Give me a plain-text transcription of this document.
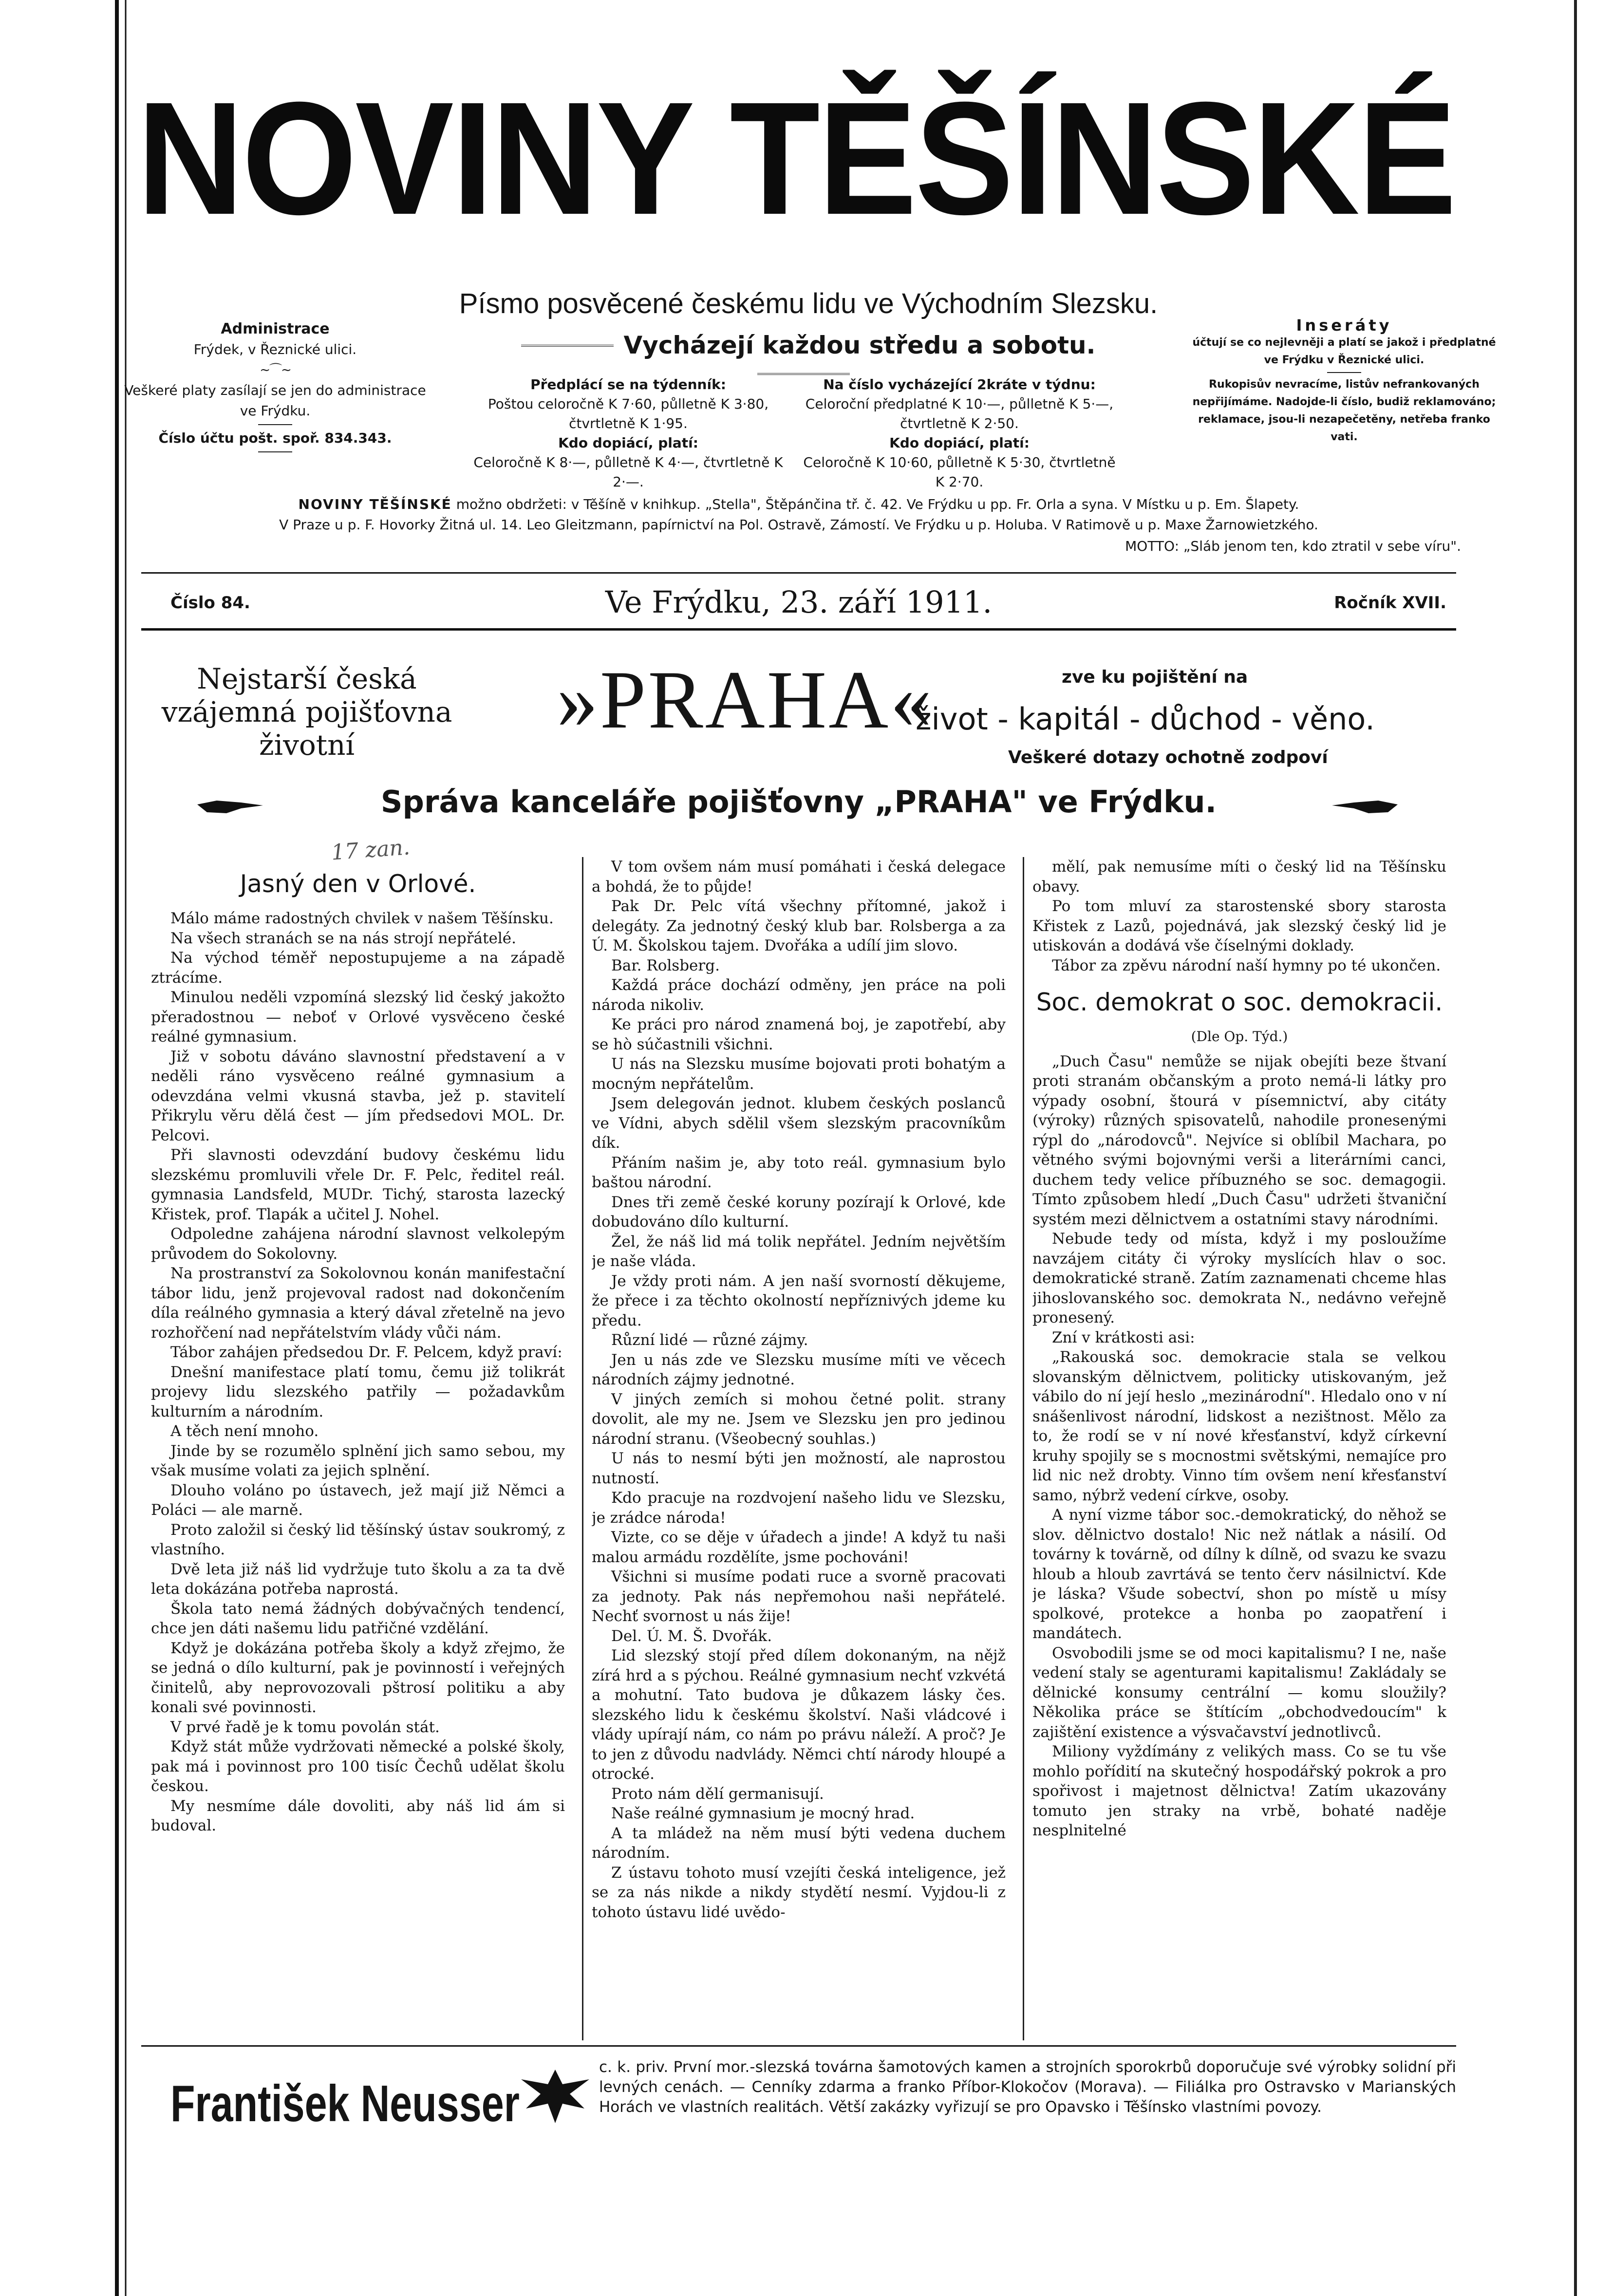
NOVINY TĚŠÍNSKÉ
Písmo posvěcené českému lidu ve Východním Slezsku.
Vycházejí každou středu a sobotu.
Administrace
Frýdek, v Řeznické ulici.
~⌒~
Veškeré platy zasílají se jen do administrace ve Frýdku.
Číslo účtu pošt. spoř. 834.343.
Předplácí se na týdenník:
Poštou celoročně K 7·60, půlletně K 3·80, čtvrtletně K 1·95.
Kdo dopiácí, platí:
Celoročně K 8·—, půlletně K 4·—, čtvrtletně K 2·—.
Na číslo vycházející 2kráte v týdnu:
Celoroční předplatné K 10·—, půlletně K 5·—, čtvrtletně K 2·50.
Kdo dopiácí, platí:
Celoročně K 10·60, půlletně K 5·30, čtvrtletně K 2·70.
Inseráty
účtují se co nejlevněji a platí se jakož i předplatné ve Frýdku v Řeznické ulici.
Rukopisův nevracíme, listův nefrankovaných nepřijímáme. Nadojde-li číslo, budiž reklamováno; reklamace, jsou-li nezapečetěny, netřeba franko vati.
NOVINY TĚŠÍNSKÉ možno obdržeti: v Těšíně v knihkup. „Stella", Štěpánčina tř. č. 42. Ve Frýdku u pp. Fr. Orla a syna. V Místku u p. Em. Šlapety.
V Praze u p. F. Hovorky Žitná ul. 14. Leo Gleitzmann, papírnictví na Pol. Ostravě, Zámostí. Ve Frýdku u p. Holuba. V Ratimově u p. Maxe Žarnowietzkého.
MOTTO: „Sláb jenom ten, kdo ztratil v sebe víru".
Číslo 84.	Ve Frýdku, 23. září 1911.	Ročník XVII.
Nejstarší česká vzájemná pojišťovna životní	»PRAHA«	zve ku pojištění na
život - kapitál - důchod - věno.
Veškeré dotazy ochotně zodpoví
Správa kanceláře pojišťovny „PRAHA" ve Frýdku.
17 zan.
Jasný den v Orlové.

Málo máme radostných chvilek v našem Těšínsku.

Na všech stranách se na nás strojí nepřátelé.

Na východ téměř nepostupujeme a na západě ztrácíme.

Minulou neděli vzpomíná slezský lid český jakožto přeradostnou — neboť v Orlové vysvěceno české reálné gymnasium.

Již v sobotu dáváno slavnostní představení a v neděli ráno vysvěceno reálné gymnasium a odevzdána velmi vkusná stavba, jež p. stavitelí Přikrylu věru dělá čest — jím předsedovi MOL. Dr. Pelcovi.

Při slavnosti odevzdání budovy českému lidu slezskému promluvili vřele Dr. F. Pelc, ředitel reál. gymnasia Landsfeld, MUDr. Tichý, starosta lazecký Křistek, prof. Tlapák a učitel J. Nohel.

Odpoledne zahájena národní slavnost velkolepým průvodem do Sokolovny.

Na prostranství za Sokolovnou konán manifestační tábor lidu, jenž projevoval radost nad dokončením díla reálného gymnasia a který dával zřetelně na jevo rozhořčení nad nepřátelstvím vlády vůči nám.

Tábor zahájen předsedou Dr. F. Pelcem, když praví:

Dnešní manifestace platí tomu, čemu již tolikrát projevy lidu slezského patřily — požadavkům kulturním a národním.

A těch není mnoho.

Jinde by se rozumělo splnění jich samo sebou, my však musíme volati za jejich splnění.

Dlouho voláno po ústavech, jež mají již Němci a Poláci — ale marně.

Proto založil si český lid těšínský ústav soukromý, z vlastního.

Dvě leta již náš lid vydržuje tuto školu a za ta dvě leta dokázána potřeba naprostá.

Škola tato nemá žádných dobývačných tendencí, chce jen dáti našemu lidu patřičné vzdělání.

Když je dokázána potřeba školy a když zřejmo, že se jedná o dílo kulturní, pak je povinností i veřejných činitelů, aby neprovozovali pštrosí politiku a aby konali své povinnosti.

V prvé řadě je k tomu povolán stát.

Když stát může vydržovati německé a polské školy, pak má i povinnost pro 100 tisíc Čechů udělat školu českou.

My nesmíme dále dovoliti, aby náš lid ám si budoval.

V tom ovšem nám musí pomáhati i česká delegace a bohdá, že to půjde!

Pak Dr. Pelc vítá všechny přítomné, jakož i delegáty. Za jednotný český klub bar. Rolsberga a za Ú. M. Školskou tajem. Dvořáka a udílí jim slovo.

Bar. Rolsberg.

Každá práce dochází odměny, jen práce na poli národa nikoliv.

Ke práci pro národ znamená boj, je zapotřebí, aby se hò súčastnili všichni.

U nás na Slezsku musíme bojovati proti bohatým a mocným nepřátelům.

Jsem delegován jednot. klubem českých poslanců ve Vídni, abych sdělil všem slezským pracovníkům dík.

Přáním našim je, aby toto reál. gymnasium bylo baštou národní.

Dnes tři země české koruny pozírají k Orlové, kde dobudováno dílo kulturní.

Žel, že náš lid má tolik nepřátel. Jedním největším je naše vláda.

Je vždy proti nám. A jen naší svorností děkujeme, že přece i za těchto okolností nepříznivých jdeme ku předu.

Různí lidé — různé zájmy.

Jen u nás zde ve Slezsku musíme míti ve věcech národních zájmy jednotné.

V jiných zemích si mohou četné polit. strany dovolit, ale my ne. Jsem ve Slezsku jen pro jedinou národní stranu. (Všeobecný souhlas.)

U nás to nesmí býti jen možností, ale naprostou nutností.

Kdo pracuje na rozdvojení našeho lidu ve Slezsku, je zrádce národa!

Vizte, co se děje v úřadech a jinde! A když tu naši malou armádu rozdělíte, jsme pochováni!

Všichni si musíme podati ruce a svorně pracovati za jednoty. Pak nás nepřemohou naši nepřátelé. Nechť svornost u nás žije!

Del. Ú. M. Š. Dvořák.

Lid slezský stojí před dílem dokonaným, na nějž zírá hrd a s pýchou. Reálné gymnasium nechť vzkvétá a mohutní. Tato budova je důkazem lásky čes. slezského lidu k českému školství. Naši vládcové i vlády upírají nám, co nám po právu náleží. A proč? Je to jen z důvodu nadvlády. Němci chtí národy hloupé a otrocké.

Proto nám dělí germanisují.

Naše reálné gymnasium je mocný hrad.

A ta mládež na něm musí býti vedena duchem národním.

Z ústavu tohoto musí vzejíti česká inteligence, jež se za nás nikde a nikdy stydětí nesmí. Vyjdou-li z tohoto ústavu lidé uvědo-

mělí, pak nemusíme míti o český lid na Těšínsku obavy.

Po tom mluví za starostenské sbory starosta Křistek z Lazů, pojednává, jak slezský český lid je utiskován a dodává vše číselnými doklady.

Tábor za zpěvu národní naší hymny po té ukončen.

Soc. demokrat o soc. demokracii.
(Dle Op. Týd.)

„Duch Času" nemůže se nijak obejíti beze štvaní proti stranám občanským a proto nemá-li látky pro výpady osobní, štourá v písemnictví, aby citáty (výroky) různých spisovatelů, nahodile pronesenými rýpl do „národovců". Nejvíce si oblíbil Machara, po větného svými bojovnými verši a literárními canci, duchem tedy velice příbuzného se soc. demagogii. Tímto způsobem hledí „Duch Času" udržeti štvaniční systém mezi dělnictvem a ostatními stavy národními.

Nebude tedy od místa, když i my posloužíme navzájem citáty či výroky myslících hlav o soc. demokratické straně. Zatím zaznamenati chceme hlas jihoslovanského soc. demokrata N., nedávno veřejně pronesený.

Zní v krátkosti asi:

„Rakouská soc. demokracie stala se velkou slovanským dělnictvem, politicky utiskovaným, jež vábilo do ní její heslo „mezinárodní". Hledalo ono v ní snášenlivost národní, lidskost a nezištnost. Mělo za to, že rodí se v ní nové křesťanství, když církevní kruhy spojily se s mocnostmi světskými, nemajíce pro lid nic než drobty. Vinno tím ovšem není křesťanství samo, nýbrž vedení církve, osoby.

A nyní vizme tábor soc.-demokratický, do něhož se slov. dělnictvo dostalo! Nic než nátlak a násilí. Od továrny k továrně, od dílny k dílně, od svazu ke svazu hloub a hloub zavrtává se tento červ násilnictví. Kde je láska? Všude sobectví, shon po místě u mísy spolkové, protekce a honba po zaopatření i mandátech.

Osvobodili jsme se od moci kapitalismu? I ne, naše vedení staly se agenturami kapitalismu! Zakládaly se dělnické konsumy centrální — komu sloužily? Několika práce se štítícím „obchodvedoucím" k zajištění existence a výsvačavství jednotlivců.

Miliony vyždímány z velikých mass. Co se tu vše mohlo pořídití na skutečný hospodářský pokrok a pro spořivost i majetnost dělnictva! Zatím ukazovány tomuto jen straky na vrbě, bohaté naděje nesplnitelné

František Neusser
c. k. priv. První mor.-slezská továrna šamotových kamen a strojních sporokrbů doporučuje své výrobky solidní při levných cenách. — Cenníky zdarma a franko Příbor-Klokočov (Morava). — Filiálka pro Ostravsko v Marianských Horách ve vlastních realitách. Větší zakázky vyřizují se pro Opavsko i Těšínsko vlastními povozy.
